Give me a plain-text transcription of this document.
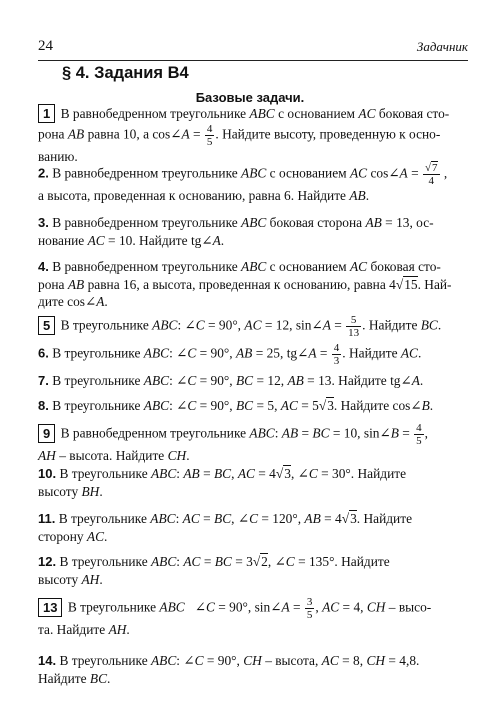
24	Задачник
§ 4. Задания В4
Базовые задачи.
1 В равнобедренном треугольнике ABC с основанием AC боковая сто-
рона AB равна 10, а cos∠A = $\frac{4}{5}$ . Найдите высоту, проведенную к осно-
ванию.
2. В равнобедренном треугольнике ABC с основанием AC cos∠A = $\frac{√7}{4}$ ,
а высота, проведенная к основанию, равна 6. Найдите AB.
3. В равнобедренном треугольнике ABC боковая сторона AB = 13, ос-
нование AC = 10. Найдите tg∠A.
4. В равнобедренном треугольнике ABC с основанием AC боковая сто-
рона AB равна 16, а высота, проведенная к основанию, равна 4√15. Най-
дите cos∠A.
5 В треугольнике ABC: ∠C = 90°, AC = 12, sin∠A = $\frac{5}{13}$ . Найдите BC.
6. В треугольнике ABC: ∠C = 90°, AB = 25, tg∠A = $\frac{4}{3}$ . Найдите AC.
7. В треугольнике ABC: ∠C = 90°, BC = 12, AB = 13. Найдите tg∠A.
8. В треугольнике ABC: ∠C = 90°, BC = 5, AC = 5√3. Найдите cos∠B.
9 В равнобедренном треугольнике ABC: AB = BC = 10, sin∠B = $\frac{4}{5}$ ,
AH – высота. Найдите CH.
10. В треугольнике ABC: AB = BC, AC = 4√3, ∠C = 30°. Найдите
высоту BH.
11. В треугольнике ABC: AC = BC, ∠C = 120°, AB = 4√3. Найдите
сторону AC.
12. В треугольнике ABC: AC = BC = 3√2, ∠C = 135°. Найдите
высоту AH.
13 В треугольнике ABC   ∠C = 90°, sin∠A = $\frac{3}{5}$ , AC = 4, CH – высо-
та. Найдите AH.
14. В треугольнике ABC: ∠C = 90°, CH – высота, AC = 8, CH = 4,8.
Найдите BC.
